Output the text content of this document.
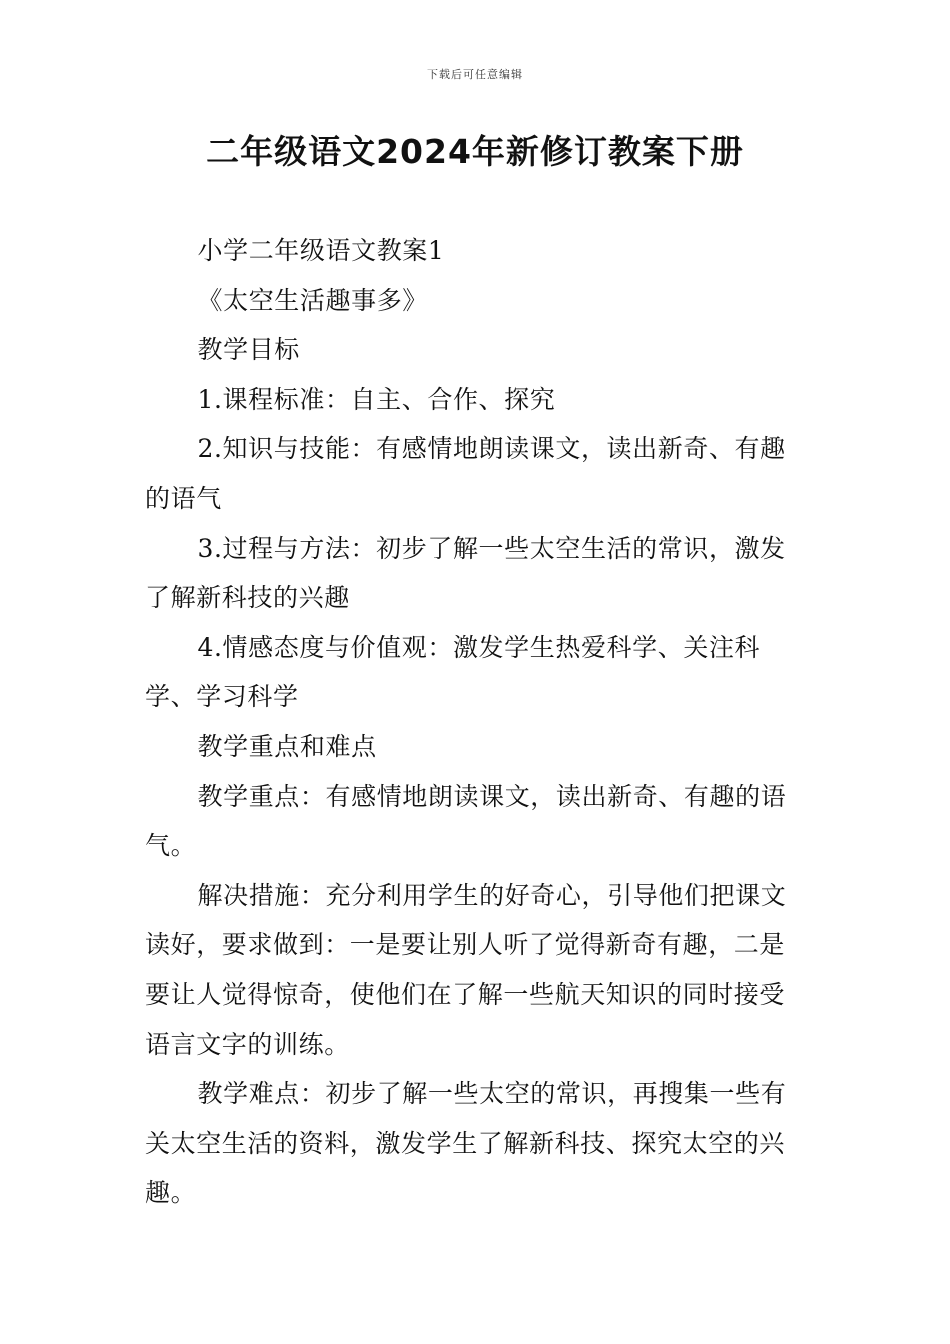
下载后可任意编辑
二年级语文2024年新修订教案下册

小学二年级语文教案1

《太空生活趣事多》

教学目标

1.课程标准：自主、合作、探究

2.知识与技能：有感情地朗读课文，读出新奇、有趣的语气

3.过程与方法：初步了解一些太空生活的常识，激发了解新科技的兴趣

4.情感态度与价值观：激发学生热爱科学、关注科学、学习科学

教学重点和难点

教学重点：有感情地朗读课文，读出新奇、有趣的语气。

解决措施：充分利用学生的好奇心，引导他们把课文读好，要求做到：一是要让别人听了觉得新奇有趣，二是要让人觉得惊奇，使他们在了解一些航天知识的同时接受语言文字的训练。

教学难点：初步了解一些太空的常识，再搜集一些有关太空生活的资料，激发学生了解新科技、探究太空的兴趣。
